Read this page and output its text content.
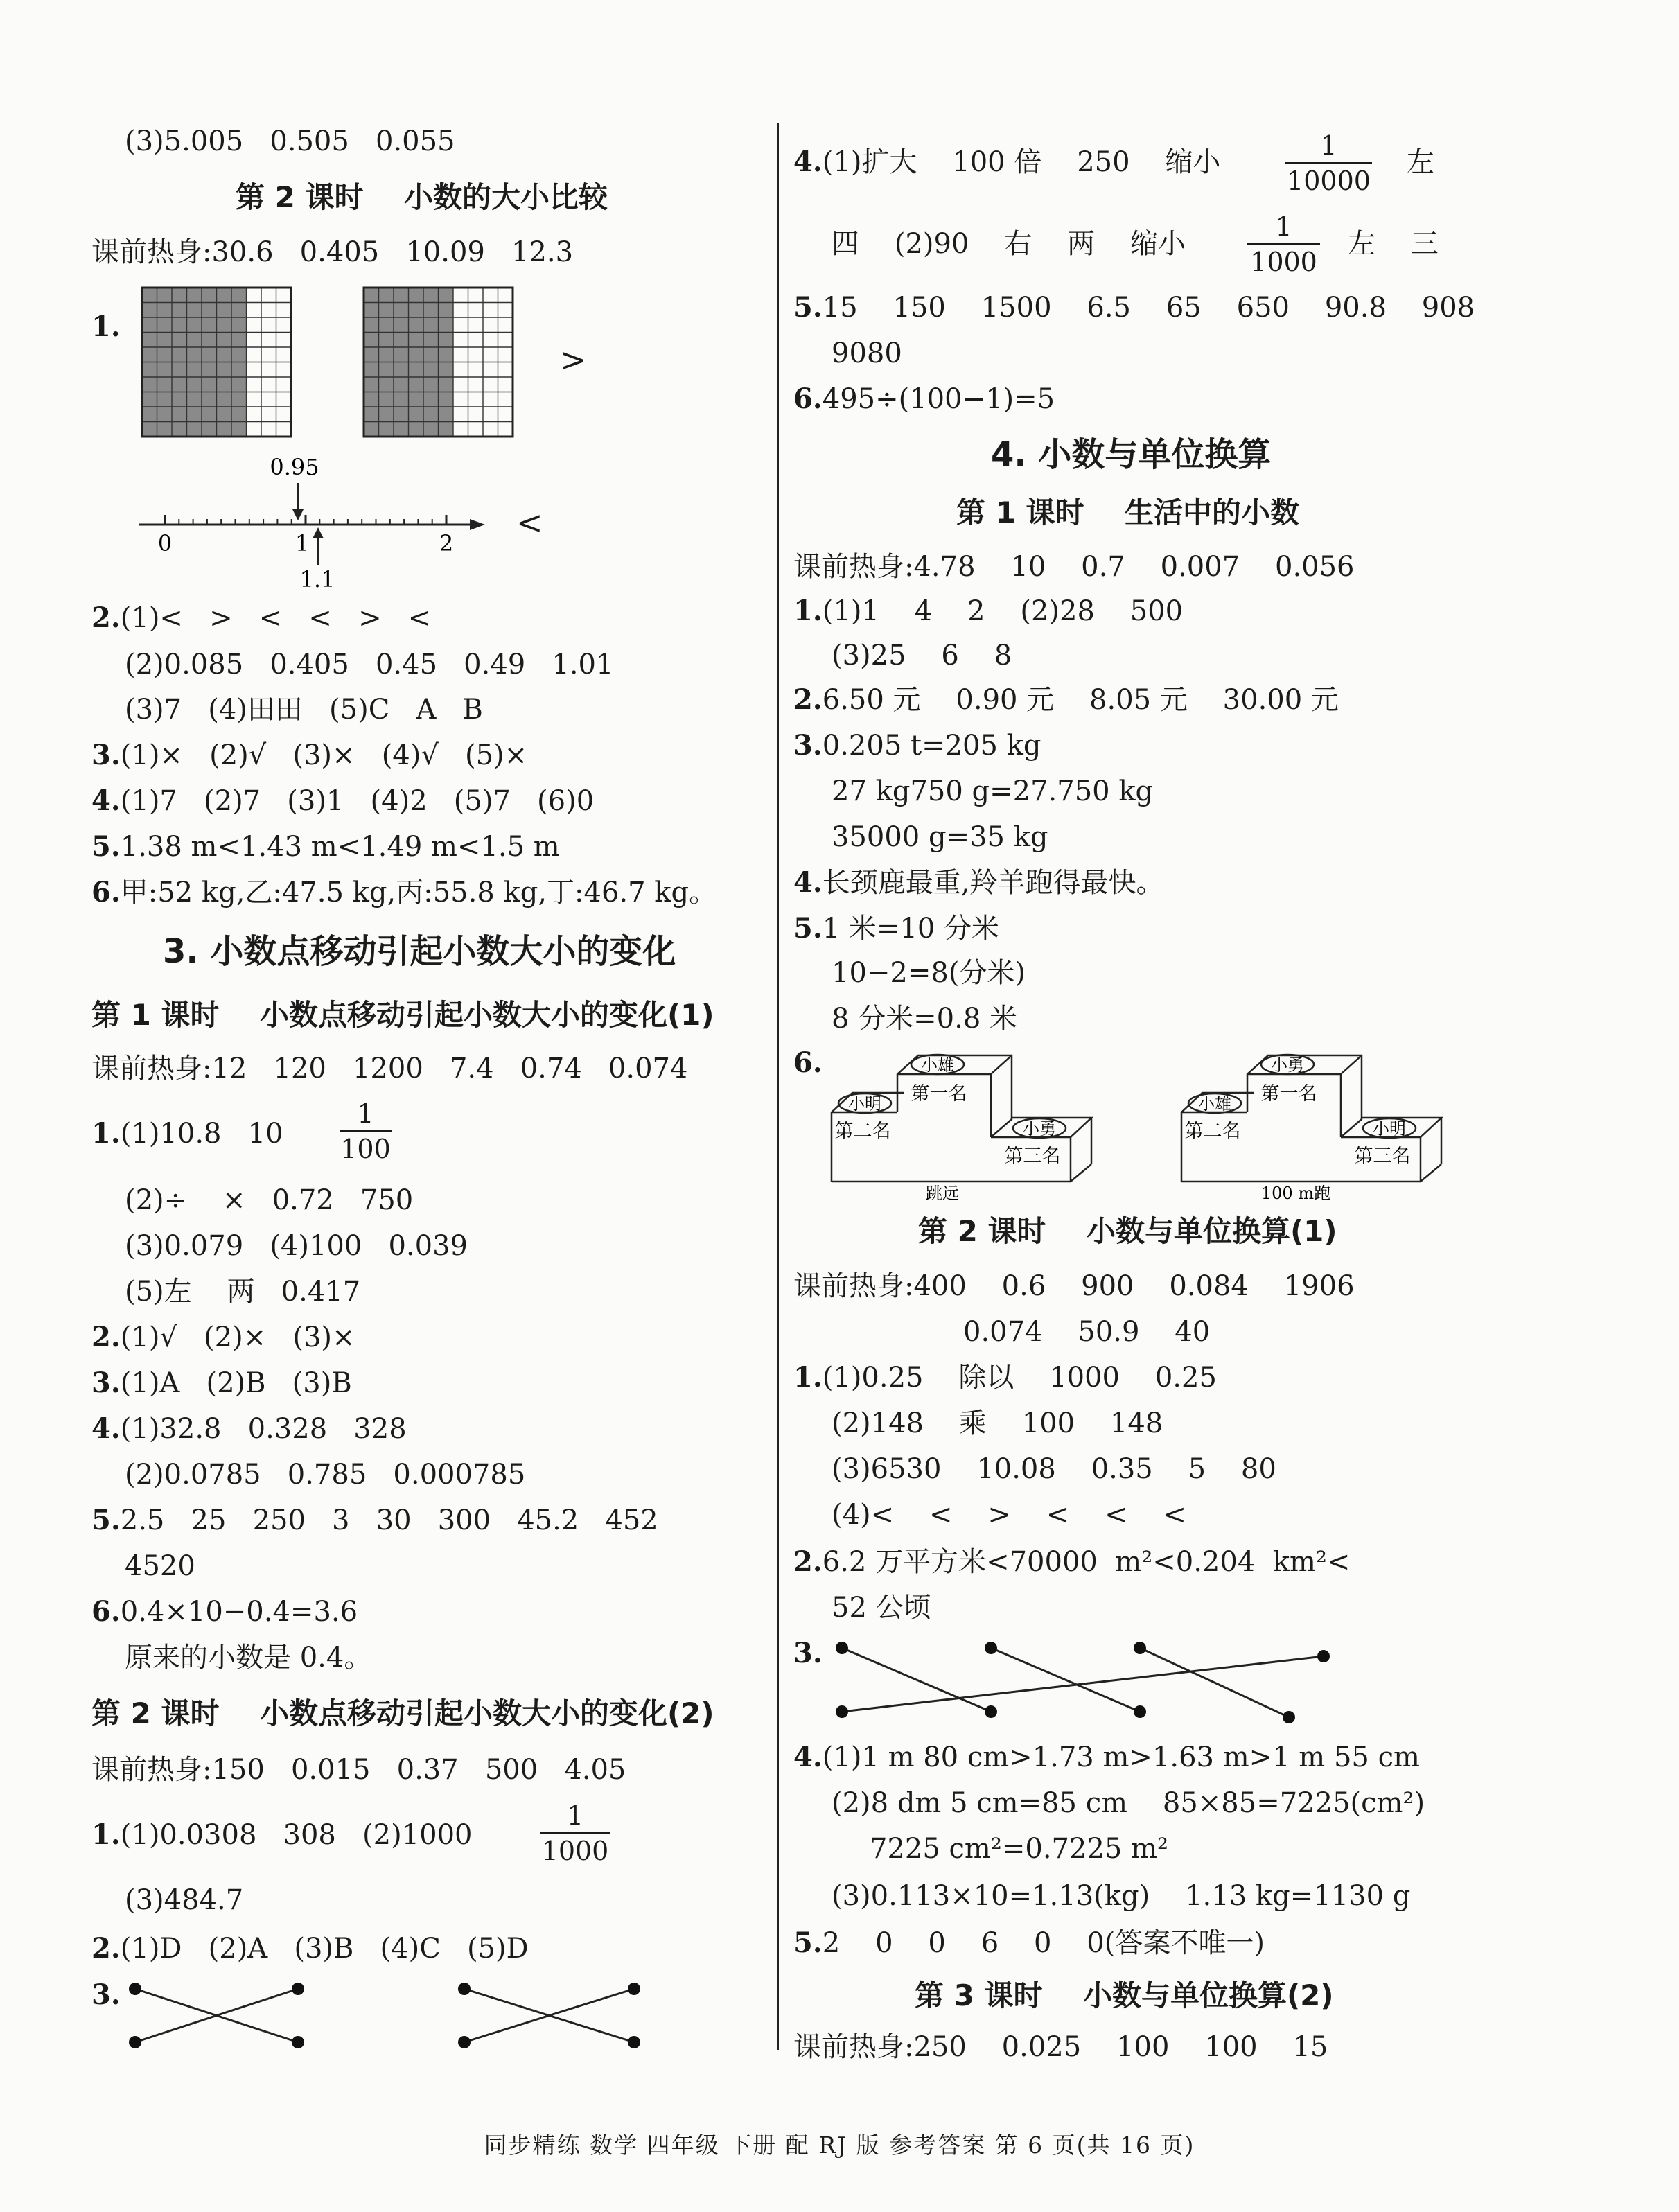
(3)5.005   0.505   0.055
第 2 课时    小数的大小比较
课前热身:30.6   0.405   10.09   12.3
1.
>
0.95
0	1	2
1.1
<
2.(1)<   >   <   <   >   <
(2)0.085   0.405   0.45   0.49   1.01
(3)7   (4)田田   (5)C   A   B
3.(1)×   (2)√   (3)×   (4)√   (5)×
4.(1)7   (2)7   (3)1   (4)2   (5)7   (6)0
5.1.38 m<1.43 m<1.49 m<1.5 m
6.甲:52 kg,乙:47.5 kg,丙:55.8 kg,丁:46.7 kg。
3. 小数点移动引起小数大小的变化
第 1 课时    小数点移动引起小数大小的变化(1)
课前热身:12   120   1200   7.4   0.74   0.074
1.(1)10.8   10
1
100
(2)÷    ×   0.72   750
(3)0.079   (4)100   0.039
(5)左    两   0.417
2.(1)√   (2)×   (3)×
3.(1)A   (2)B   (3)B
4.(1)32.8   0.328   328
(2)0.0785   0.785   0.000785
5.2.5   25   250   3   30   300   45.2   452
4520
6.0.4×10−0.4=3.6
原来的小数是 0.4。
第 2 课时    小数点移动引起小数大小的变化(2)
课前热身:150   0.015   0.37   500   4.05
1.(1)0.0308   308   (2)1000
1
1000
(3)484.7
2.(1)D   (2)A   (3)B   (4)C   (5)D
3.
4.(1)扩大    100 倍    250    缩小
1
10000
左
四    (2)90    右    两    缩小
1
1000
左    三
5.15    150    1500    6.5    65    650    90.8    908
9080
6.495÷(100−1)=5
4. 小数与单位换算
第 1 课时    生活中的小数
课前热身:4.78    10    0.7    0.007    0.056
1.(1)1    4    2    (2)28    500
(3)25    6    8
2.6.50 元    0.90 元    8.05 元    30.00 元
3.0.205 t=205 kg
27 kg750 g=27.750 kg
35000 g=35 kg
4.长颈鹿最重,羚羊跑得最快。
5.1 米=10 分米
10−2=8(分米)
8 分米=0.8 米
6.
小明
小雄
小勇
第一名
第二名
第三名
跳远
小雄
小勇
小明
第一名
第二名
第三名
100 m跑
第 2 课时    小数与单位换算(1)
课前热身:400    0.6    900    0.084    1906
0.074    50.9    40
1.(1)0.25    除以    1000    0.25
(2)148    乘    100    148
(3)6530    10.08    0.35    5    80
(4)<    <    >    <    <    <
2.6.2 万平方米<70000  m²<0.204  km²<
52 公顷
3.
4.(1)1 m 80 cm>1.73 m>1.63 m>1 m 55 cm
(2)8 dm 5 cm=85 cm    85×85=7225(cm²)
7225 cm²=0.7225 m²
(3)0.113×10=1.13(kg)    1.13 kg=1130 g
5.2    0    0    6    0    0(答案不唯一)
第 3 课时    小数与单位换算(2)
课前热身:250    0.025    100    100    15
同步精练 数学 四年级 下册 配 RJ 版 参考答案 第 6 页(共 16 页)
